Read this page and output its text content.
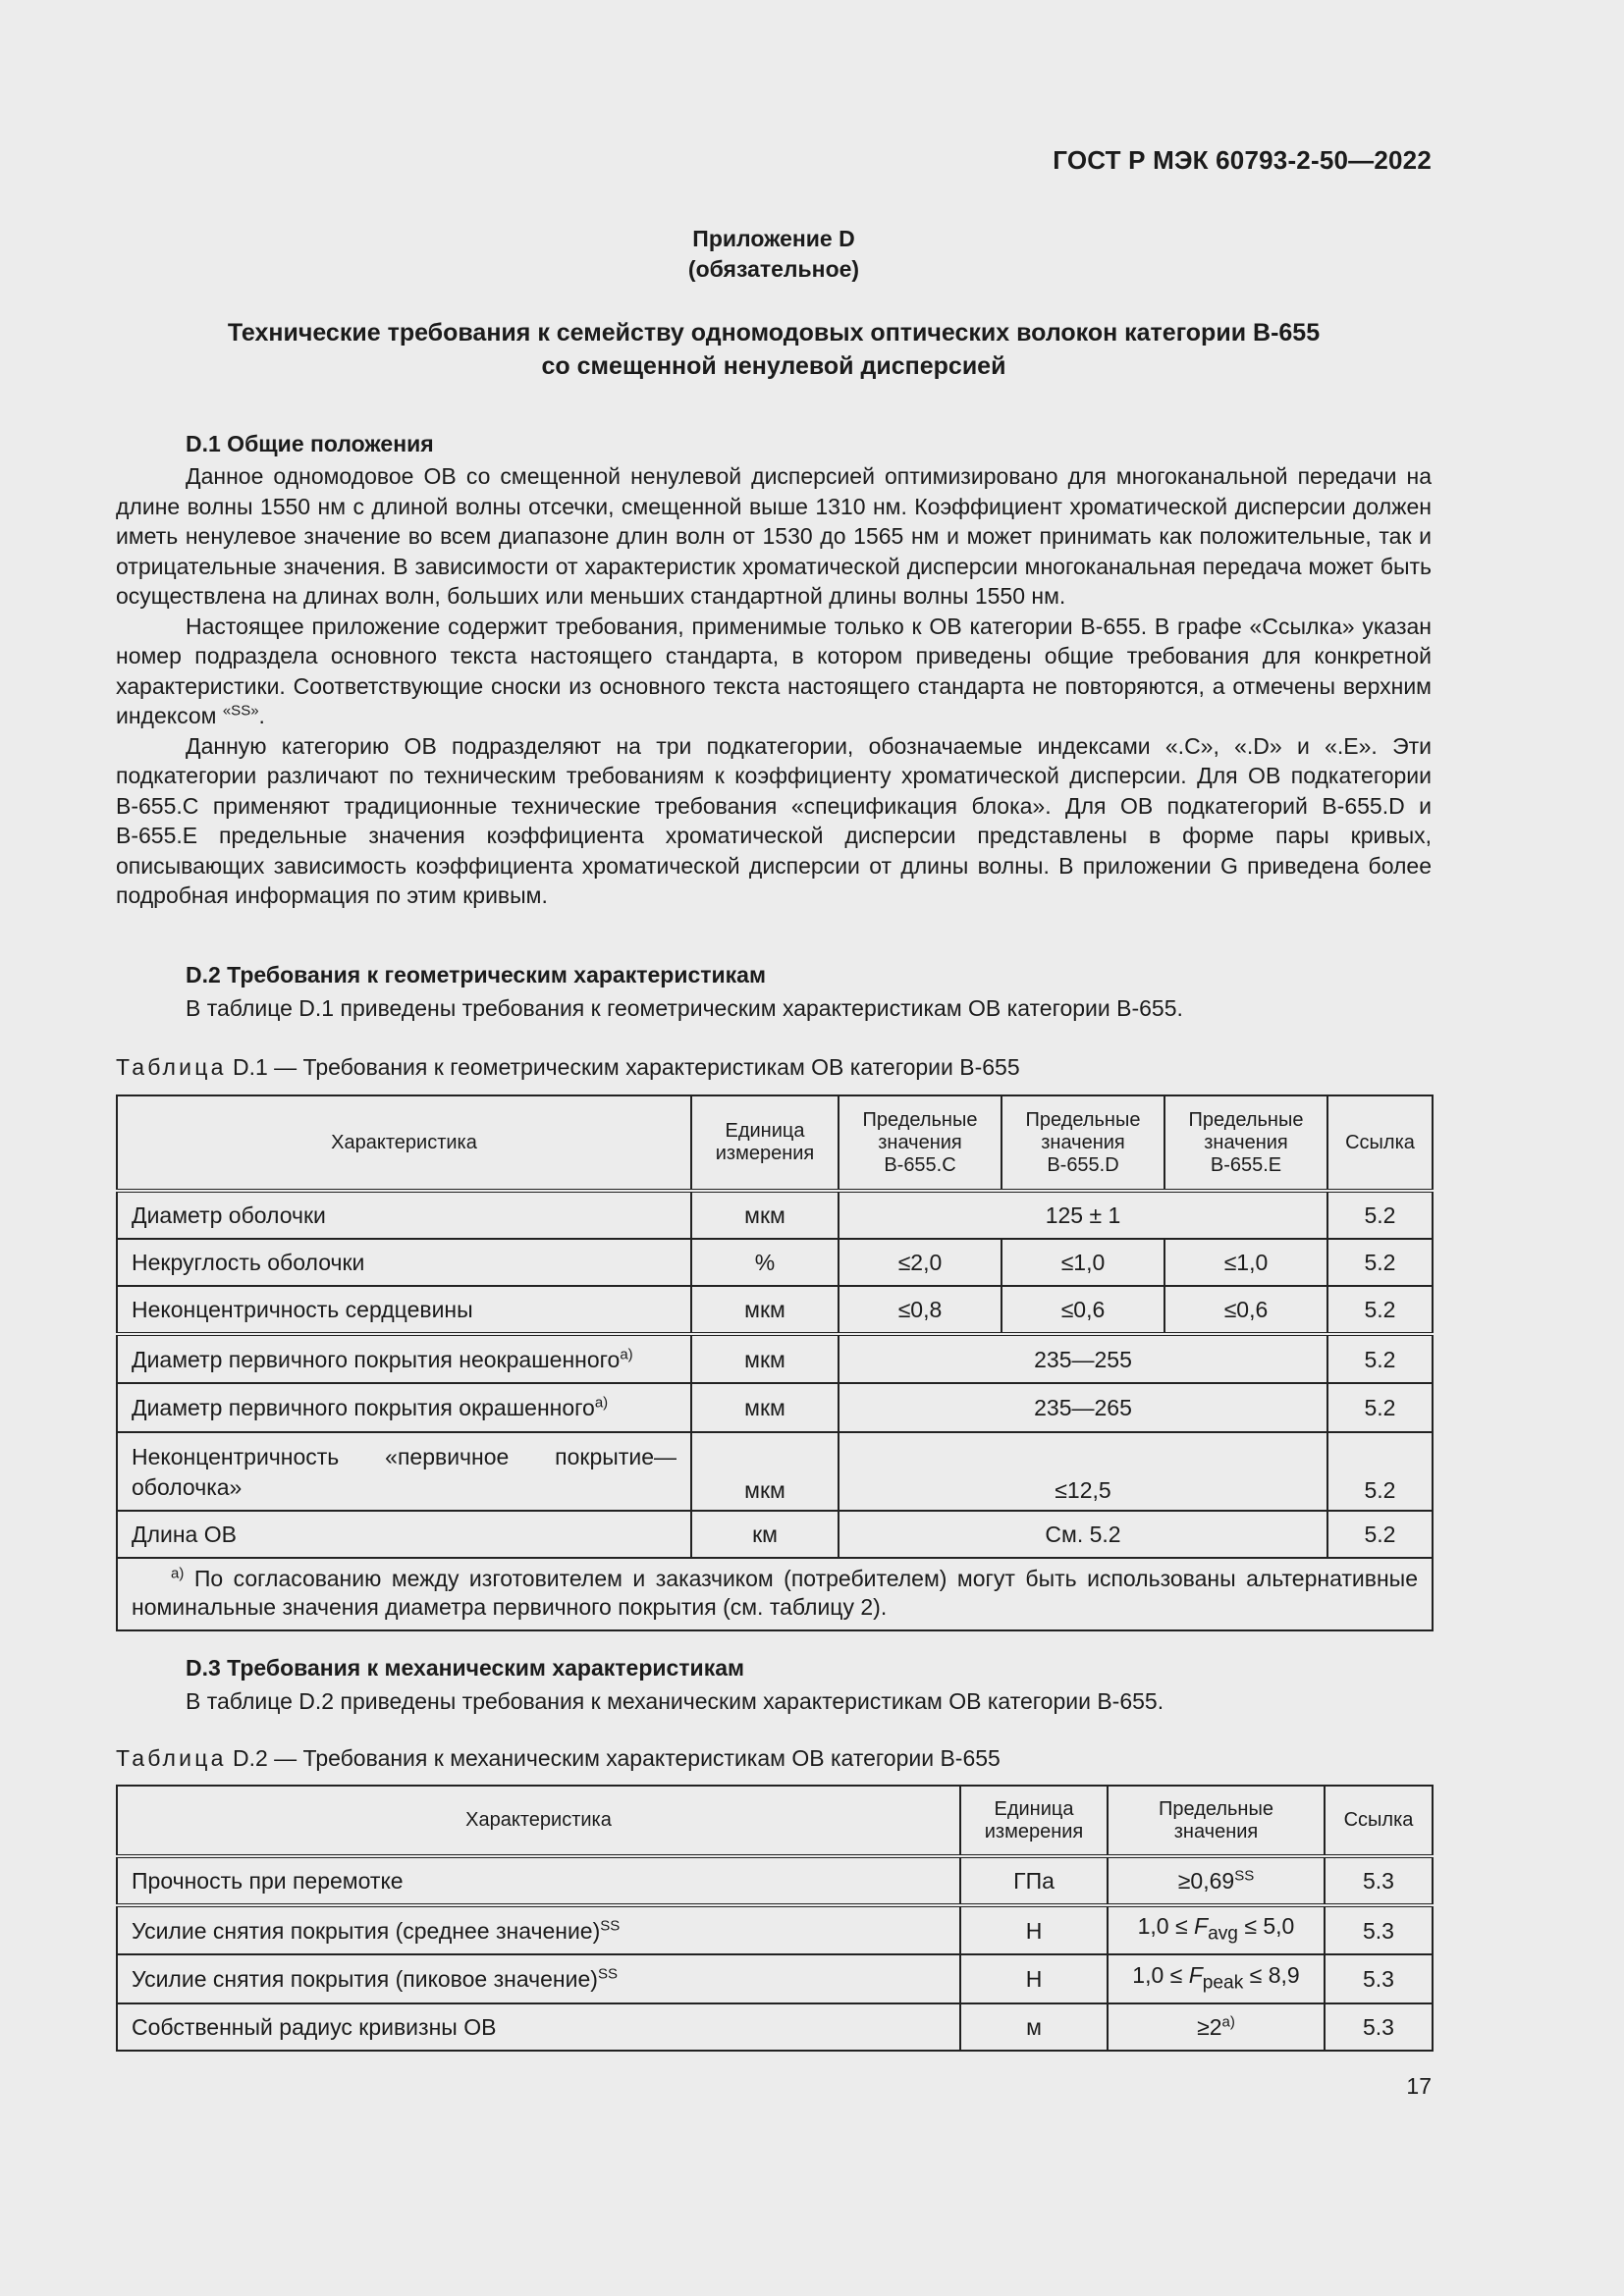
ГОСТ Р МЭК 60793-2-50—2022
Приложение D
(обязательное)
Технические требования к семейству одномодовых оптических волокон категории В-655
со смещенной ненулевой дисперсией
D.1 Общие положения

Данное одномодовое ОВ со смещенной ненулевой дисперсией оптимизировано для многоканальной передачи на длине волны 1550 нм с длиной волны отсечки, смещенной выше 1310 нм. Коэффициент хроматической дисперсии должен иметь ненулевое значение во всем диапазоне длин волн от 1530 до 1565 нм и может принимать как положительные, так и отрицательные значения. В зависимости от характеристик хроматической дисперсии многоканальная передача может быть осуществлена на длинах волн, больших или меньших стандартной длины волны 1550 нм.

Настоящее приложение содержит требования, применимые только к ОВ категории В-655. В графе «Ссылка» указан номер подраздела основного текста настоящего стандарта, в котором приведены общие требования для конкретной характеристики. Соответствующие сноски из основного текста настоящего стандарта не повторяются, а отмечены верхним индексом $^{«SS»}$.

Данную категорию ОВ подразделяют на три подкатегории, обозначаемые индексами «.С», «.D» и «.Е». Эти подкатегории различают по техническим требованиям к коэффициенту хроматической дисперсии. Для ОВ подкатегории В-655.С применяют традиционные технические требования «спецификация блока». Для ОВ подкатегорий В-655.D и В-655.Е предельные значения коэффициента хроматической дисперсии представлены в форме пары кривых, описывающих зависимость коэффициента хроматической дисперсии от длины волны. В приложении G приведена более подробная информация по этим кривым.

D.2 Требования к геометрическим характеристикам

В таблице D.1 приведены требования к геометрическим характеристикам ОВ категории В-655.

Таблица D.1 — Требования к геометрическим характеристикам ОВ категории В-655
Характеристика	Единица измерения	Предельные значения В-655.С	Предельные значения В-655.D	Предельные значения В-655.Е	Ссылка
Диаметр оболочки	мкм	125 ± 1			5.2
Некруглость оболочки	%	≤2,0	≤1,0	≤1,0	5.2
Неконцентричность сердцевины	мкм	≤0,8	≤0,6	≤0,6	5.2
Диаметр первичного покрытия неокрашенного$^{a)}$	мкм	235—255			5.2
Диаметр первичного покрытия окрашенного$^{a)}$	мкм	235—265			5.2
Неконцентричность «первичное покрытие—оболочка»	мкм	≤12,5			5.2
Длина ОВ	км	См. 5.2			5.2
$^{a)}$ По согласованию между изготовителем и заказчиком (потребителем) могут быть использованы альтернативные номинальные значения диаметра первичного покрытия (см. таблицу 2).					
D.3 Требования к механическим характеристикам

В таблице D.2 приведены требования к механическим характеристикам ОВ категории В-655.

Таблица D.2 — Требования к механическим характеристикам ОВ категории В-655
Характеристика	Единица измерения	Предельные значения	Ссылка
Прочность при перемотке	ГПа	$\ge 0,69^{SS}$	5.3
Усилие снятия покрытия (среднее значение)$^{SS}$	Н	$1,0 \le F_{avg} \le 5,0$	5.3
Усилие снятия покрытия (пиковое значение)$^{SS}$	Н	$1,0 \le F_{peak} \le 8,9$	5.3
Собственный радиус кривизны ОВ	м	$\ge 2^{a)}$	5.3
17
